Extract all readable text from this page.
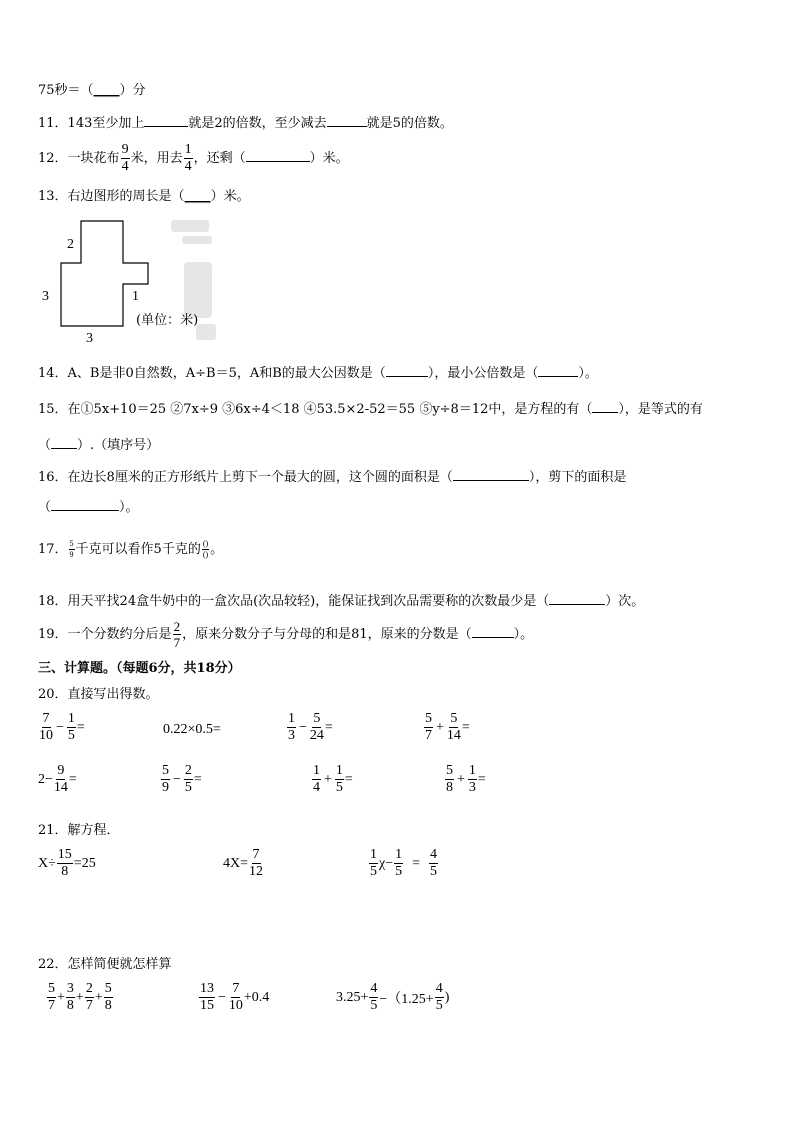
75秒＝（____）分
11．143至少加上	就是2的倍数，至少减去	就是5的倍数。
12．一块花布 $\frac{9}{4}$ 米，用去 $\frac{1}{4}$ ，还剩（	）米。
13．右边图形的周长是（____）米。
2
3
3
1
(单位：米)
14．A、B是非0自然数，A÷B＝5，A和B的最大公因数是（	），最小公倍数是（	）。
15．在①5x+10＝25 ②7x÷9 ③6x÷4＜18 ④53.5×2-52＝55 ⑤y÷8＝12中，是方程的有（ ），是等式的有
（ ）.（填序号）
16．在边长8厘米的正方形纸片上剪下一个最大的圆，这个圆的面积是（	），剪下的面积是
（	）。
17． $\frac{5}{9}$ 千克可以看作5千克的 $\frac{()}{()}$ 。
18．用天平找24盒牛奶中的一盒次品(次品较轻)，能保证找到次品需要称的次数最少是（	）次。
19．一个分数约分后是 $\frac{2}{7}$ ，原来分数分子与分母的和是81，原来的分数是（	）。
三、计算题。（每题6分，共18分）
20．直接写出得数。
$\frac{7}{10} - \frac{1}{5}$ =	0.22×0.5=	$\frac{1}{3} - \frac{5}{24}$ =	$\frac{5}{7} + \frac{5}{14}$ =
$2- \frac{9}{14}$ =	$\frac{5}{9} - \frac{2}{5}$ =	$\frac{1}{4} + \frac{1}{5}$ =	$\frac{5}{8} + \frac{1}{3}$ =
21．解方程．
$X\div \frac{15}{8} =25$	$4X= \frac{7}{12}$	$\frac{1}{5} \chi- \frac{1}{5} = \frac{4}{5}$
22．怎样简便就怎样算
$\frac{5}{7} + \frac{3}{8} + \frac{2}{7} + \frac{5}{8}$	$\frac{13}{15} - \frac{7}{10} +0.4$	$3.25+ \frac{4}{5} -(1.25+ \frac{4}{5}$ )
